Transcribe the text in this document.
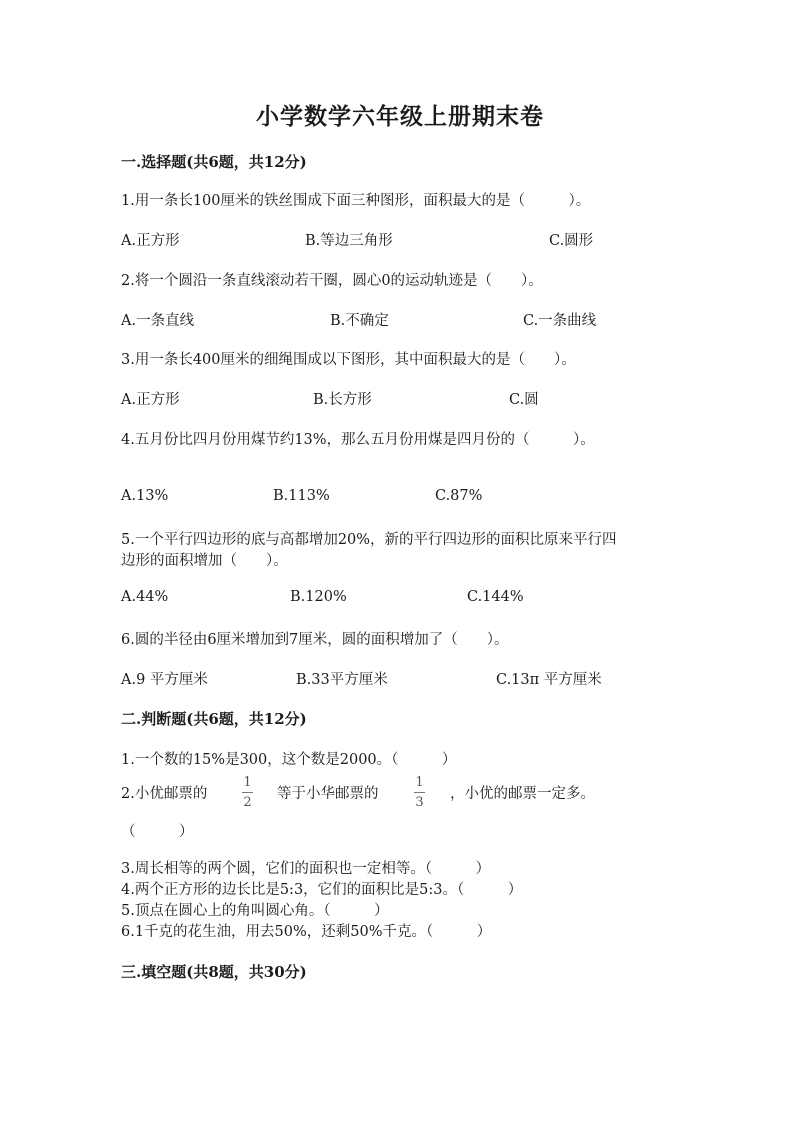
小学数学六年级上册期末卷
一.选择题(共6题，共12分)
1.用一条长100厘米的铁丝围成下面三种图形，面积最大的是（　　　）。
A.正方形	B.等边三角形	C.圆形
2.将一个圆沿一条直线滚动若干圈，圆心0的运动轨迹是（　　）。
A.一条直线	B.不确定	C.一条曲线
3.用一条长400厘米的细绳围成以下图形，其中面积最大的是（　　）。
A.正方形	B.长方形	C.圆
4.五月份比四月份用煤节约13%，那么五月份用煤是四月份的（　　　）。
A.13%	B.113%	C.87%
5.一个平行四边形的底与高都增加20%，新的平行四边形的面积比原来平行四
边形的面积增加（　　）。
A.44%	B.120%	C.144%
6.圆的半径由6厘米增加到7厘米，圆的面积增加了（　　）。
A.9 平方厘米	B.33平方厘米	C.13π 平方厘米
二.判断题(共6题，共12分)
1.一个数的15%是300，这个数是2000。（　　　）
2.小优邮票的
1
2
等于小华邮票的
1
3
，小优的邮票一定多。
（　　　）
3.周长相等的两个圆，它们的面积也一定相等。（　　　）
4.两个正方形的边长比是5:3，它们的面积比是5:3。（　　　）
5.顶点在圆心上的角叫圆心角。（　　　）
6.1千克的花生油，用去50%，还剩50%千克。（　　　）
三.填空题(共8题，共30分)
